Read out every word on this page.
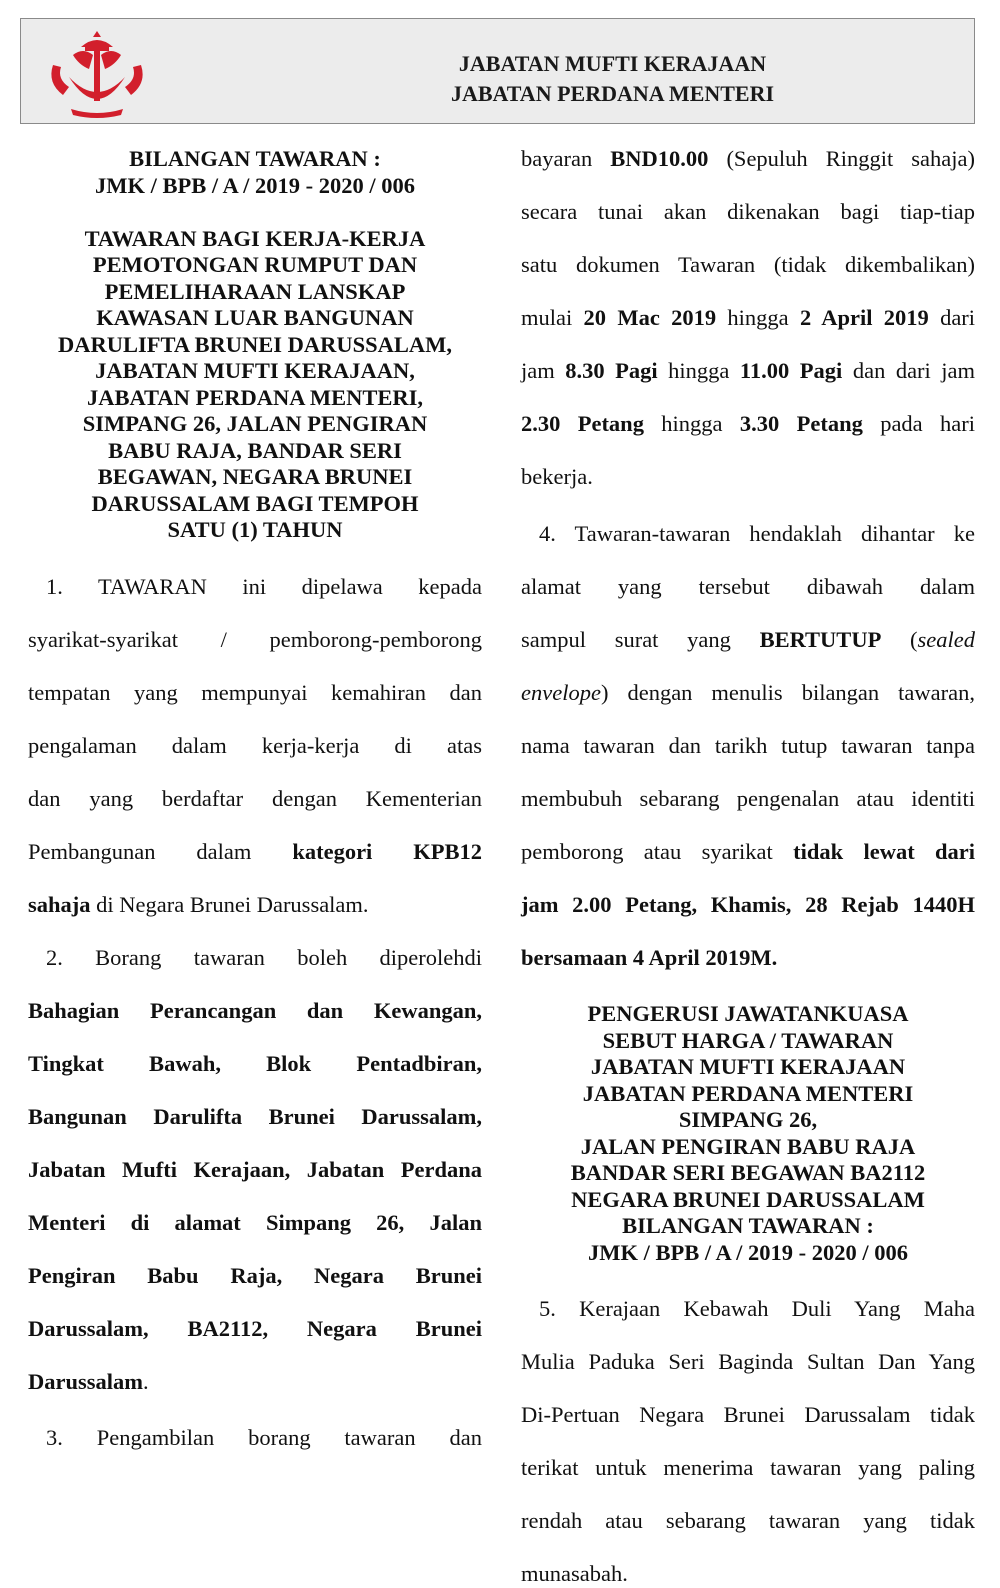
JABATAN MUFTI KERAJAAN
JABATAN PERDANA MENTERI

BILANGAN TAWARAN :
JMK / BPB / A / 2019 - 2020 / 006

TAWARAN BAGI KERJA-KERJA
PEMOTONGAN RUMPUT DAN
PEMELIHARAAN LANSKAP
KAWASAN LUAR BANGUNAN
DARULIFTA BRUNEI DARUSSALAM,
JABATAN MUFTI KERAJAAN,
JABATAN PERDANA MENTERI,
SIMPANG 26, JALAN PENGIRAN
BABU RAJA, BANDAR SERI
BEGAWAN, NEGARA BRUNEI
DARUSSALAM BAGI TEMPOH
SATU (1) TAHUN

1. TAWARAN ini dipelawa kepada

syarikat-syarikat / pemborong-pemborong

tempatan yang mempunyai kemahiran dan

pengalaman dalam kerja-kerja di atas

dan yang berdaftar dengan Kementerian

Pembangunan dalam kategori KPB12

sahaja di Negara Brunei Darussalam.

2. Borang tawaran boleh diperolehdi

Bahagian Perancangan dan Kewangan,

Tingkat Bawah, Blok Pentadbiran,

Bangunan Darulifta Brunei Darussalam,

Jabatan Mufti Kerajaan, Jabatan Perdana

Menteri di alamat Simpang 26, Jalan

Pengiran Babu Raja, Negara Brunei

Darussalam, BA2112, Negara Brunei

Darussalam.

3. Pengambilan borang tawaran dan

bayaran BND10.00 (Sepuluh Ringgit sahaja)

secara tunai akan dikenakan bagi tiap-tiap

satu dokumen Tawaran (tidak dikembalikan)

mulai 20 Mac 2019 hingga 2 April 2019 dari

jam 8.30 Pagi hingga 11.00 Pagi dan dari jam

2.30 Petang hingga 3.30 Petang pada hari

bekerja.

4. Tawaran-tawaran hendaklah dihantar ke

alamat yang tersebut dibawah dalam

sampul surat yang BERTUTUP (sealed

envelope) dengan menulis bilangan tawaran,

nama tawaran dan tarikh tutup tawaran tanpa

membubuh sebarang pengenalan atau identiti

pemborong atau syarikat tidak lewat dari

jam 2.00 Petang, Khamis, 28 Rejab 1440H

bersamaan 4 April 2019M.

PENGERUSI JAWATANKUASA
SEBUT HARGA / TAWARAN
JABATAN MUFTI KERAJAAN
JABATAN PERDANA MENTERI
SIMPANG 26,
JALAN PENGIRAN BABU RAJA
BANDAR SERI BEGAWAN BA2112
NEGARA BRUNEI DARUSSALAM
BILANGAN TAWARAN :
JMK / BPB / A / 2019 - 2020 / 006

5. Kerajaan Kebawah Duli Yang Maha

Mulia Paduka Seri Baginda Sultan Dan Yang

Di-Pertuan Negara Brunei Darussalam tidak

terikat untuk menerima tawaran yang paling

rendah atau sebarang tawaran yang tidak

munasabah.
